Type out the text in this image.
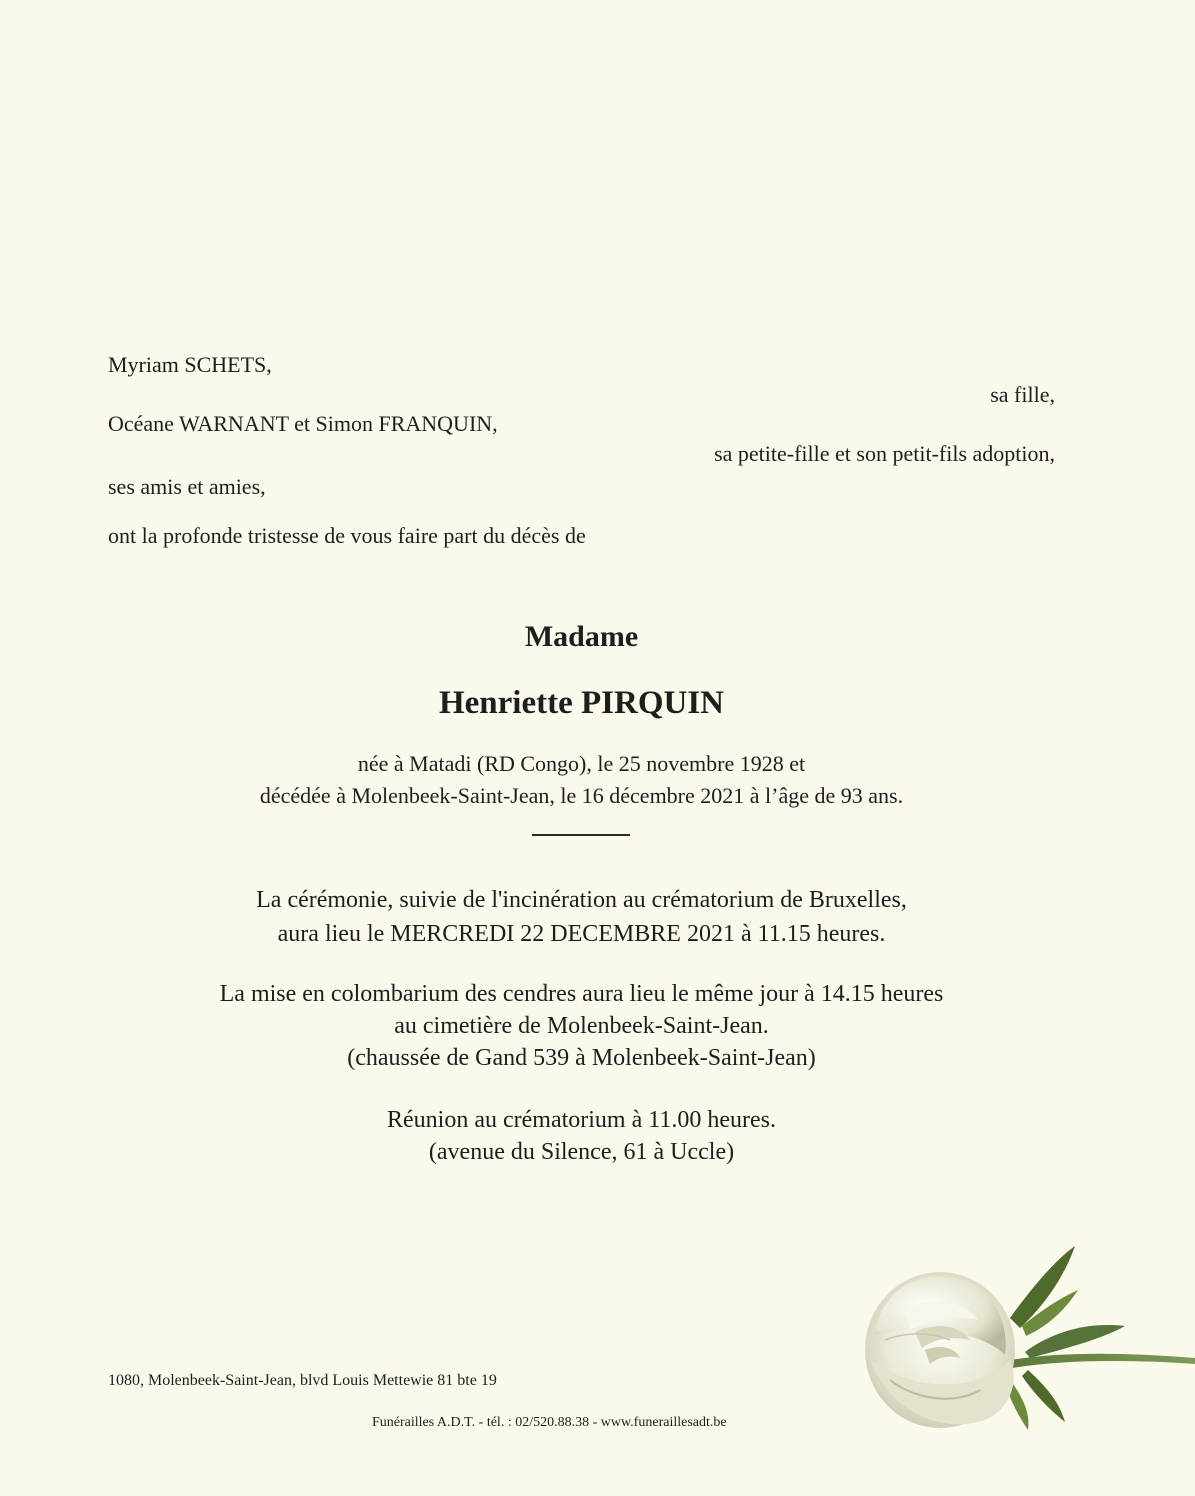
Myriam SCHETS,
sa fille,
Océane WARNANT et Simon FRANQUIN,
sa petite-fille et son petit-fils adoption,
ses amis et amies,
ont la profonde tristesse de vous faire part du décès de
Madame
Henriette PIRQUIN
née à Matadi (RD Congo), le 25 novembre 1928 et
décédée à Molenbeek-Saint-Jean, le 16 décembre 2021 à l’âge de 93 ans.
La cérémonie, suivie de l'incinération au crématorium de Bruxelles,
aura lieu le MERCREDI 22 DECEMBRE 2021 à 11.15 heures.
La mise en colombarium des cendres aura lieu le même jour à 14.15 heures
au cimetière de Molenbeek-Saint-Jean.
(chaussée de Gand 539 à Molenbeek-Saint-Jean)
Réunion au crématorium à 11.00 heures.
(avenue du Silence, 61 à Uccle)
1080, Molenbeek-Saint-Jean, blvd Louis Mettewie 81 bte 19
Funérailles A.D.T. - tél. : 02/520.88.38 - www.funeraillesadt.be
